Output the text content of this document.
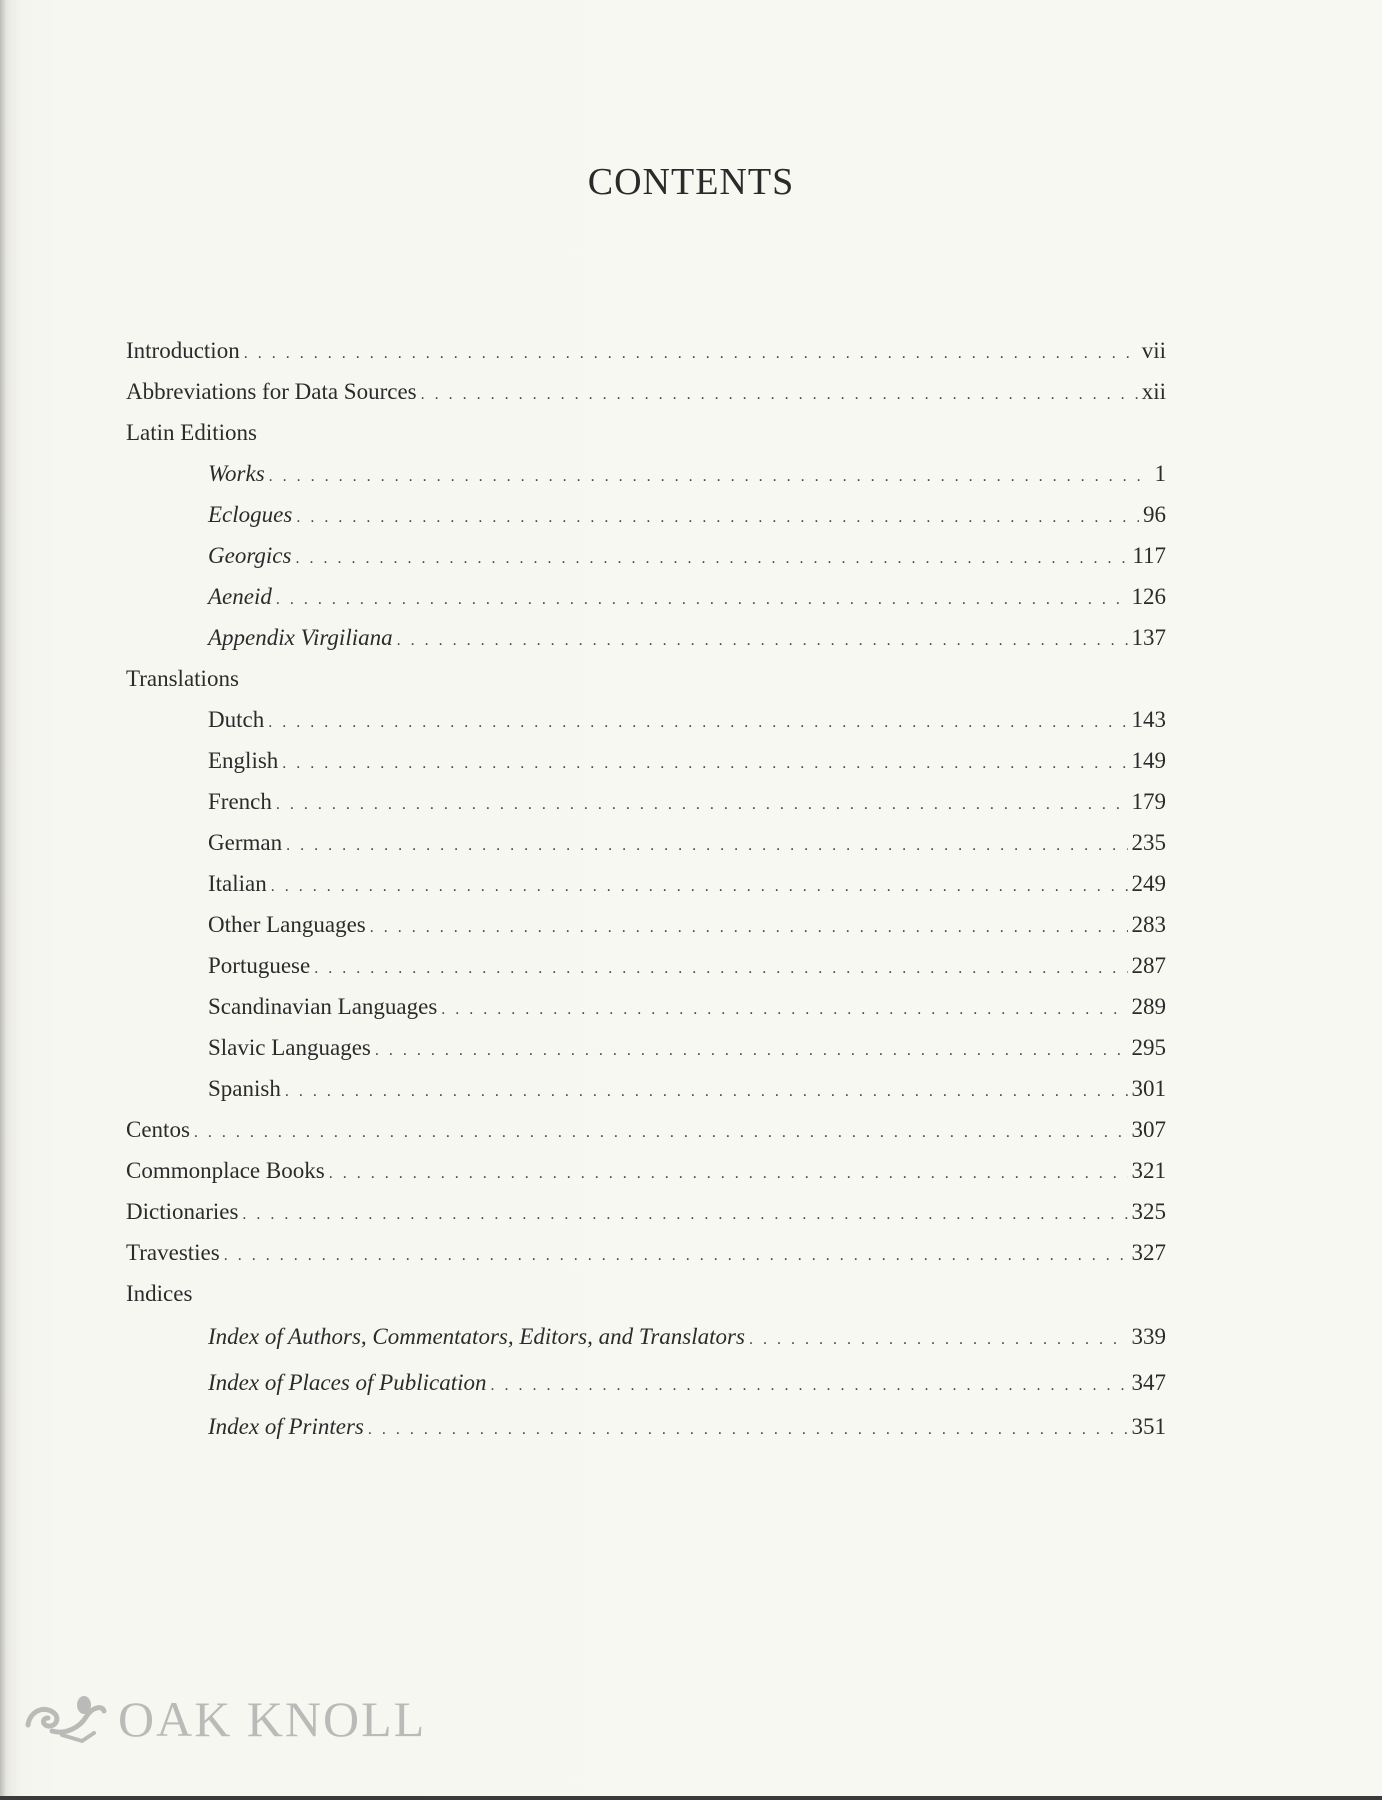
CONTENTS
Introduction . . .	vii
Abbreviations for Data Sources . . .	xii
Latin Editions
Works . . .	1
Eclogues . . .	96
Georgics . . .	117
Aeneid . . .	126
Appendix Virgiliana . . .	137
Translations
Dutch . . .	143
English . . .	149
French . . .	179
German . . .	235
Italian . . .	249
Other Languages . . .	283
Portuguese . . .	287
Scandinavian Languages . . .	289
Slavic Languages . . .	295
Spanish . . .	301
Centos . . .	307
Commonplace Books . . .	321
Dictionaries . . .	325
Travesties . . .	327
Indices
Index of Authors, Commentators, Editors, and Translators . . .	339
Index of Places of Publication . . .	347
Index of Printers . . .	351
OAK KNOLL
